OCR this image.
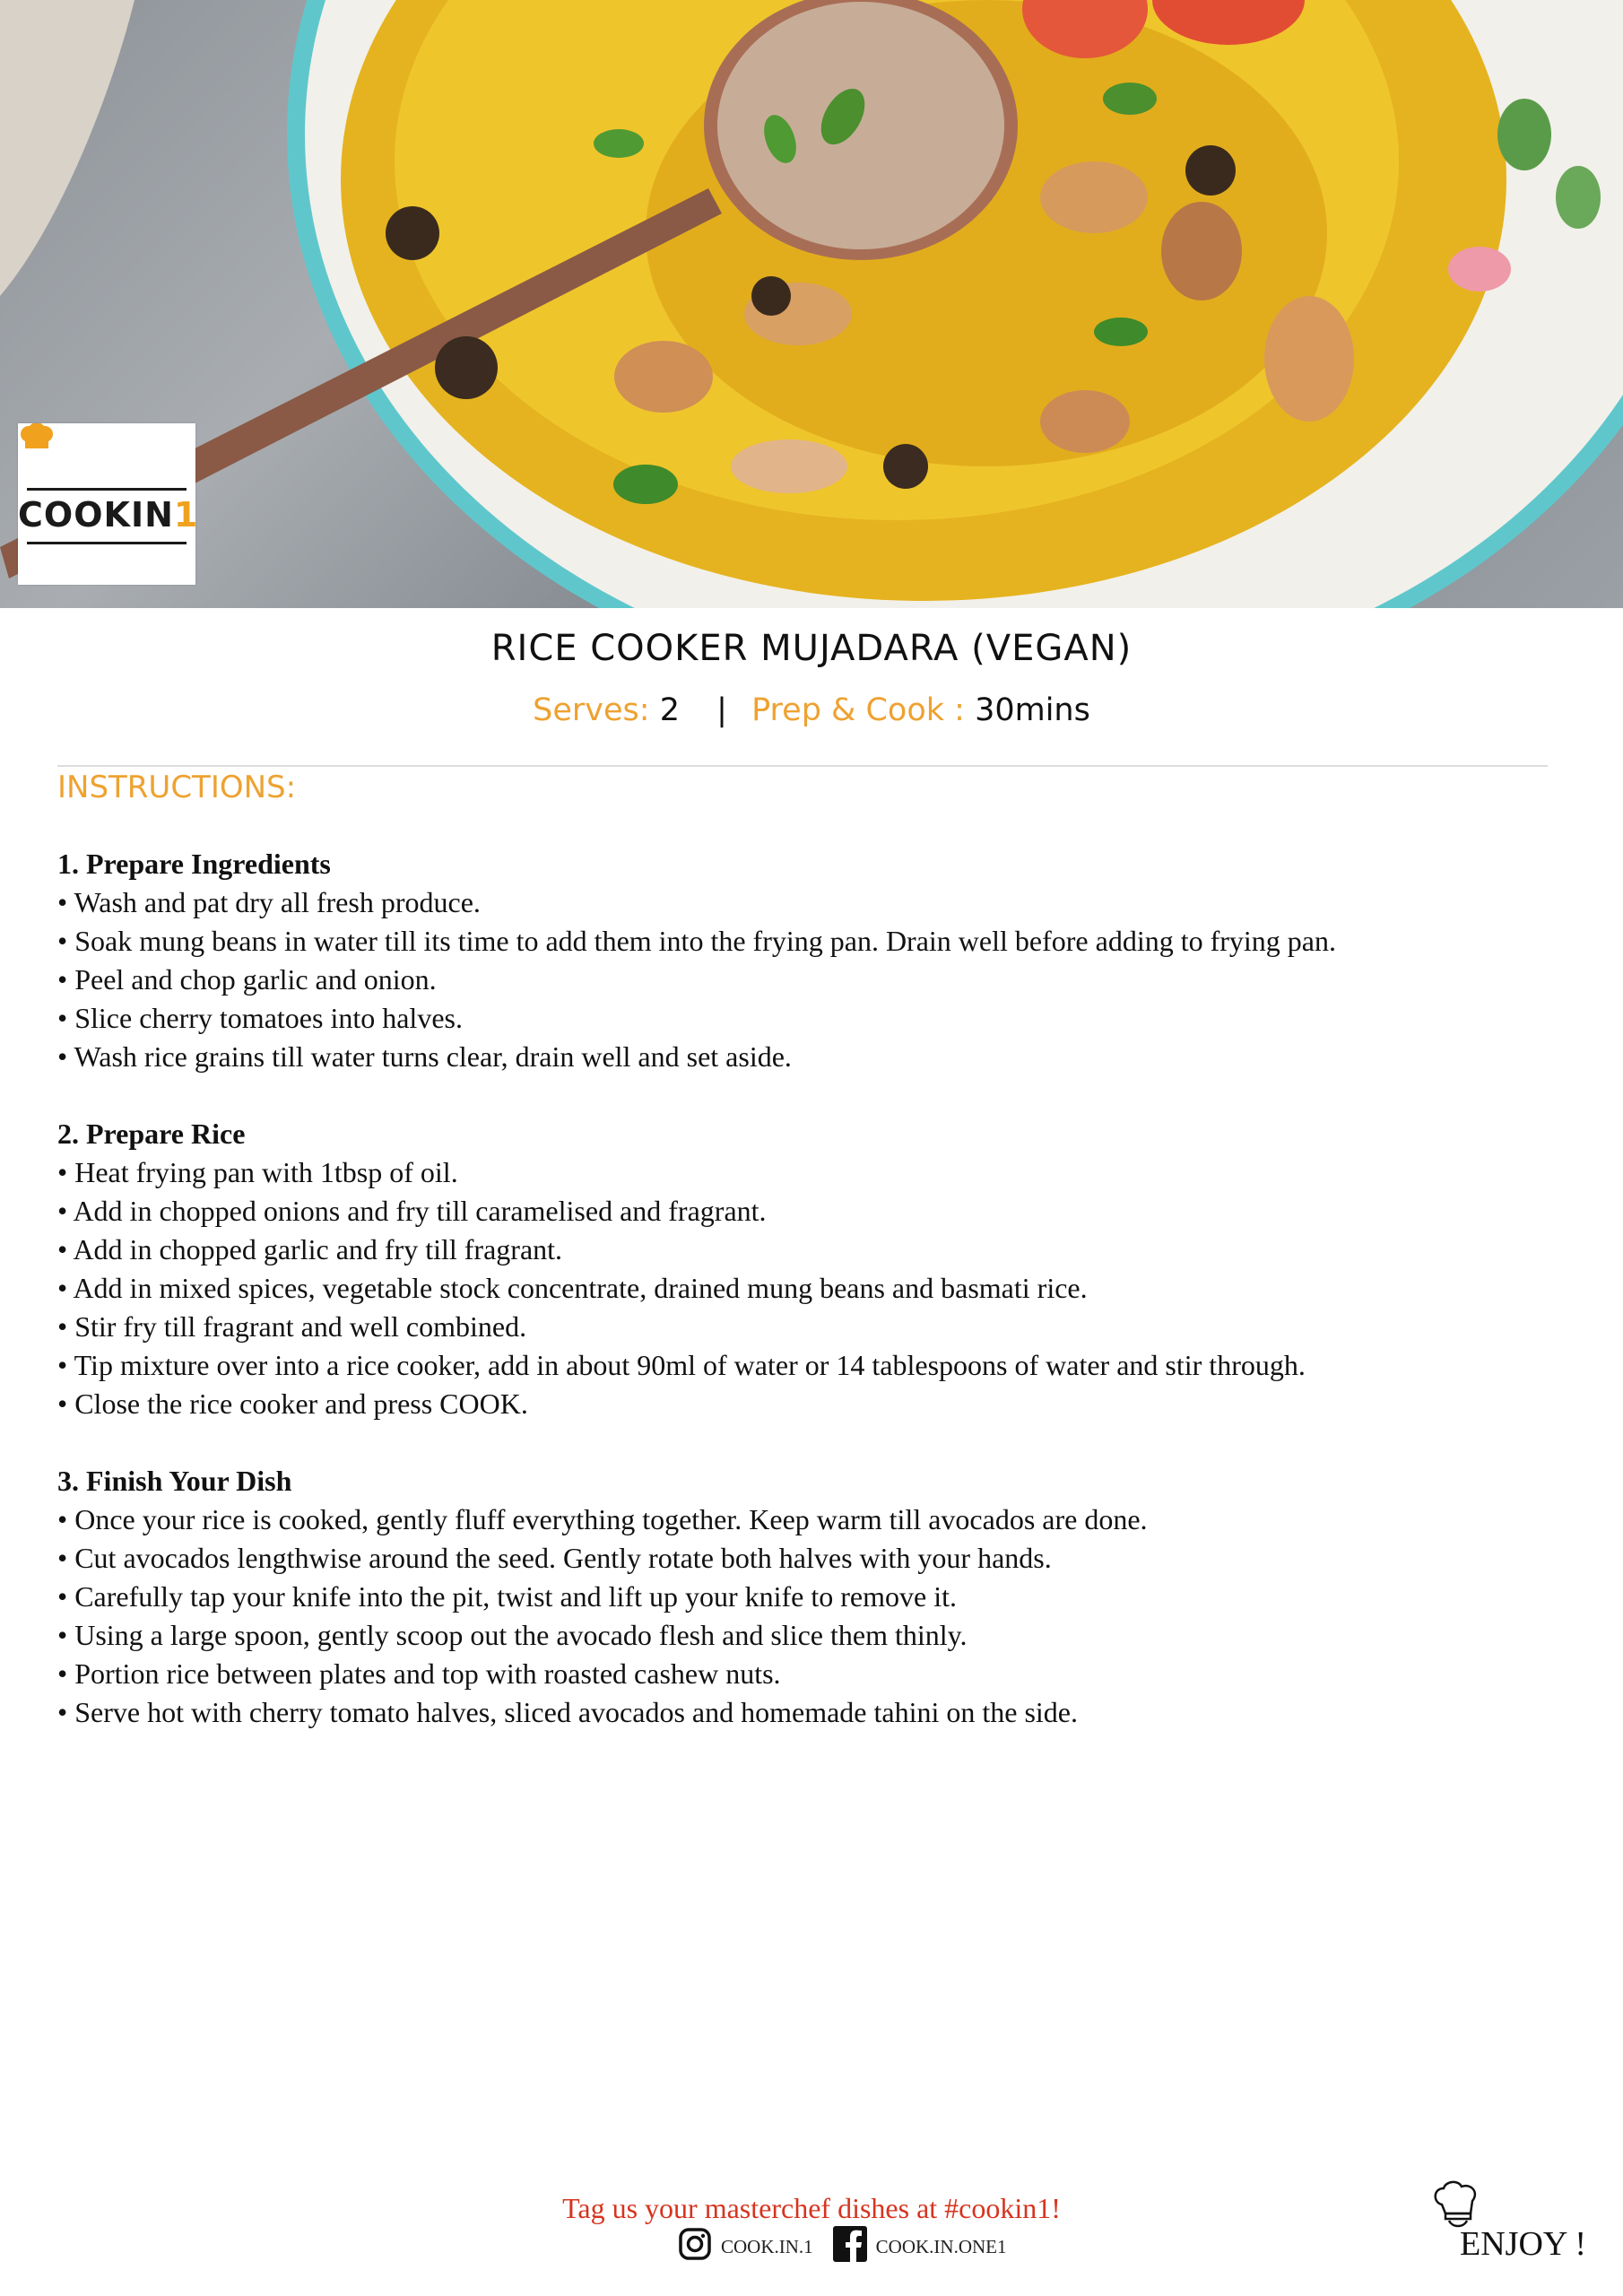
COOKIN1
RICE COOKER MUJADARA (VEGAN)
Serves: 2 | Prep & Cook : 30mins
INSTRUCTIONS:
1. Prepare Ingredients

• Wash and pat dry all fresh produce.

• Soak mung beans in water till its time to add them into the frying pan. Drain well before adding to frying pan.

• Peel and chop garlic and onion.

• Slice cherry tomatoes into halves.

• Wash rice grains till water turns clear, drain well and set aside.

2. Prepare Rice

• Heat frying pan with 1tbsp of oil.

• Add in chopped onions and fry till caramelised and fragrant.

• Add in chopped garlic and fry till fragrant.

• Add in mixed spices, vegetable stock concentrate, drained mung beans and basmati rice.

• Stir fry till fragrant and well combined.

• Tip mixture over into a rice cooker, add in about 90ml of water or 14 tablespoons of water and stir through.

• Close the rice cooker and press COOK.

3. Finish Your Dish

• Once your rice is cooked, gently fluff everything together. Keep warm till avocados are done.

• Cut avocados lengthwise around the seed. Gently rotate both halves with your hands.

• Carefully tap your knife into the pit, twist and lift up your knife to remove it.

• Using a large spoon, gently scoop out the avocado flesh and slice them thinly.

• Portion rice between plates and top with roasted cashew nuts.

• Serve hot with cherry tomato halves, sliced avocados and homemade tahini on the side.

Tag us your masterchef dishes at #cookin1!
COOK.IN.1	COOK.IN.ONE1	ENJOY !
